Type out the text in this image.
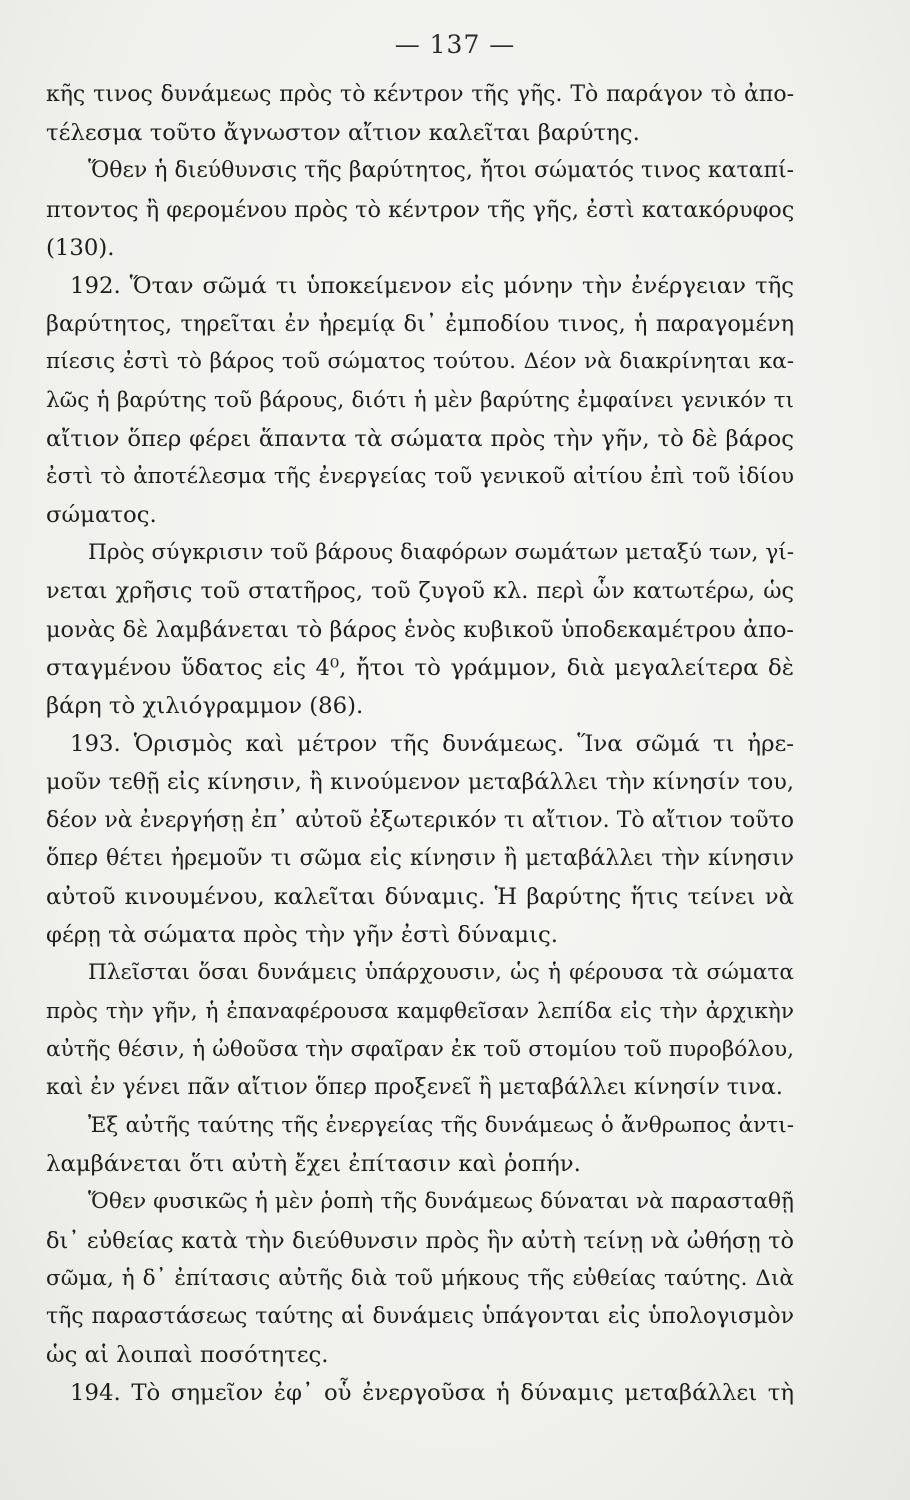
— 137 —
κῆς τινος δυνάμεως πρὸς τὸ κέντρον τῆς γῆς. Τὸ παράγον τὸ ἀπο-
τέλεσμα τοῦτο ἄγνωστον αἴτιον καλεῖται βαρύτης.
Ὅθεν ἡ διεύθυνσις τῆς βαρύτητος, ἤτοι σώματός τινος καταπί-
πτοντος ἢ φερομένου πρὸς τὸ κέντρον τῆς γῆς, ἐστὶ κατακόρυφος
(130).
192. Ὅταν σῶμά τι ὑποκείμενον εἰς μόνην τὴν ἐνέργειαν τῆς
βαρύτητος, τηρεῖται ἐν ἠρεμίᾳ δι᾽ ἐμποδίου τινος, ἡ παραγομένη
πίεσις ἐστὶ τὸ βάρος τοῦ σώματος τούτου. Δέον νὰ διακρίνηται κα-
λῶς ἡ βαρύτης τοῦ βάρους, διότι ἡ μὲν βαρύτης ἐμφαίνει γενικόν τι
αἴτιον ὅπερ φέρει ἅπαντα τὰ σώματα πρὸς τὴν γῆν, τὸ δὲ βάρος
ἐστὶ τὸ ἀποτέλεσμα τῆς ἐνεργείας τοῦ γενικοῦ αἰτίου ἐπὶ τοῦ ἰδίου
σώματος.
Πρὸς σύγκρισιν τοῦ βάρους διαφόρων σωμάτων μεταξύ των, γί-
νεται χρῆσις τοῦ στατῆρος, τοῦ ζυγοῦ κλ. περὶ ὧν κατωτέρω, ὡς
μονὰς δὲ λαμβάνεται τὸ βάρος ἑνὸς κυβικοῦ ὑποδεκαμέτρου ἀπο-
σταγμένου ὕδατος εἰς 4⁰, ἤτοι τὸ γράμμον, διὰ μεγαλείτερα δὲ
βάρη τὸ χιλιόγραμμον (86).
193. Ὁρισμὸς καὶ μέτρον τῆς δυνάμεως. Ἵνα σῶμά τι ἠρε-
μοῦν τεθῇ εἰς κίνησιν, ἢ κινούμενον μεταβάλλει τὴν κίνησίν του,
δέον νὰ ἐνεργήσῃ ἐπ᾽ αὐτοῦ ἐξωτερικόν τι αἴτιον. Τὸ αἴτιον τοῦτο
ὅπερ θέτει ἠρεμοῦν τι σῶμα εἰς κίνησιν ἢ μεταβάλλει τὴν κίνησιν
αὐτοῦ κινουμένου, καλεῖται δύναμις. Ἡ βαρύτης ἥτις τείνει νὰ
φέρῃ τὰ σώματα πρὸς τὴν γῆν ἐστὶ δύναμις.
Πλεῖσται ὅσαι δυνάμεις ὑπάρχουσιν, ὡς ἡ φέρουσα τὰ σώματα
πρὸς τὴν γῆν, ἡ ἐπαναφέρουσα καμφθεῖσαν λεπίδα εἰς τὴν ἀρχικὴν
αὐτῆς θέσιν, ἡ ὠθοῦσα τὴν σφαῖραν ἐκ τοῦ στομίου τοῦ πυροβόλου,
καὶ ἐν γένει πᾶν αἴτιον ὅπερ προξενεῖ ἢ μεταβάλλει κίνησίν τινα.
Ἐξ αὐτῆς ταύτης τῆς ἐνεργείας τῆς δυνάμεως ὁ ἄνθρωπος ἀντι-
λαμβάνεται ὅτι αὐτὴ ἔχει ἐπίτασιν καὶ ῥοπήν.
Ὅθεν φυσικῶς ἡ μὲν ῥοπὴ τῆς δυνάμεως δύναται νὰ παρασταθῇ
δι᾽ εὐθείας κατὰ τὴν διεύθυνσιν πρὸς ἣν αὐτὴ τείνῃ νὰ ὠθήσῃ τὸ
σῶμα, ἡ δ᾽ ἐπίτασις αὐτῆς διὰ τοῦ μήκους τῆς εὐθείας ταύτης. Διὰ
τῆς παραστάσεως ταύτης αἱ δυνάμεις ὑπάγονται εἰς ὑπολογισμὸν
ὡς αἱ λοιπαὶ ποσότητες.
194. Τὸ σημεῖον ἐφ᾽ οὗ ἐνεργοῦσα ἡ δύναμις μεταβάλλει τὴ
